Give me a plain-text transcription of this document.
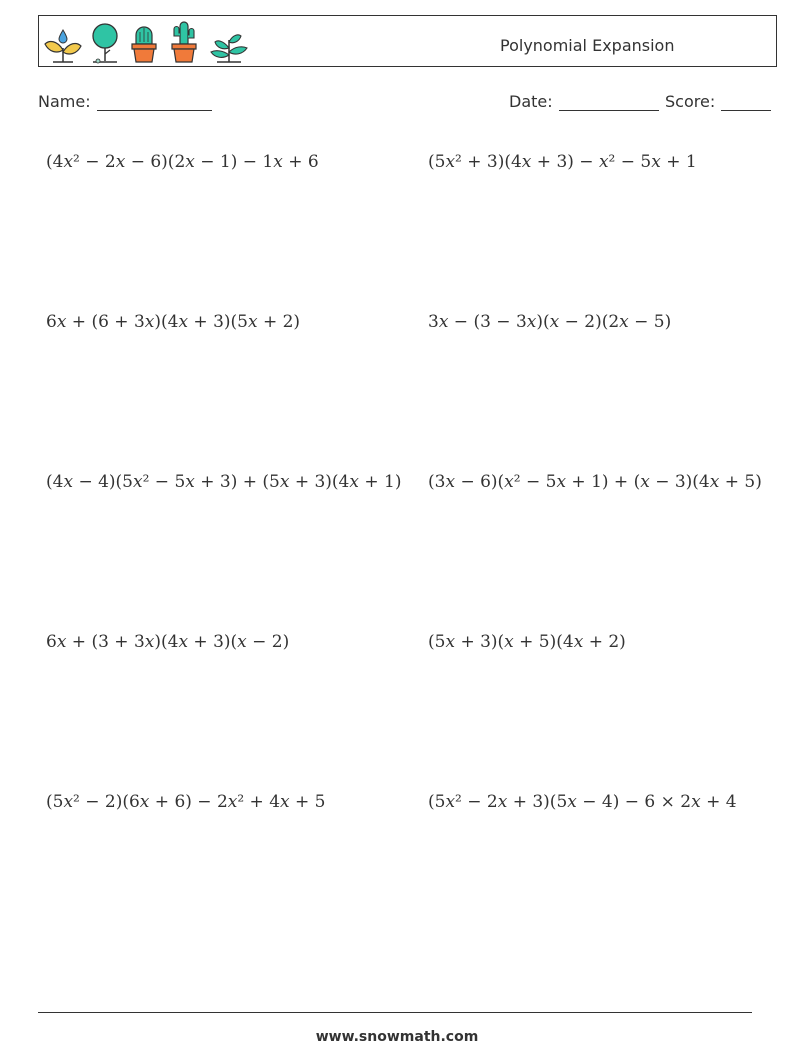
Polynomial Expansion
Name:	Date:	Score:
(4𝑥² − 2𝑥 − 6)(2𝑥 − 1) − 1𝑥 + 6	(5𝑥² + 3)(4𝑥 + 3) − 𝑥² − 5𝑥 + 1
6𝑥 + (6 + 3𝑥)(4𝑥 + 3)(5𝑥 + 2)	3𝑥 − (3 − 3𝑥)(𝑥 − 2)(2𝑥 − 5)
(4𝑥 − 4)(5𝑥² − 5𝑥 + 3) + (5𝑥 + 3)(4𝑥 + 1) (3𝑥 − 6)(𝑥² − 5𝑥 + 1) + (𝑥 − 3)(4𝑥 + 5)
6𝑥 + (3 + 3𝑥)(4𝑥 + 3)(𝑥 − 2)	(5𝑥 + 3)(𝑥 + 5)(4𝑥 + 2)
(5𝑥² − 2)(6𝑥 + 6) − 2𝑥² + 4𝑥 + 5	(5𝑥² − 2𝑥 + 3)(5𝑥 − 4) − 6 × 2𝑥 + 4
www.snowmath.com
